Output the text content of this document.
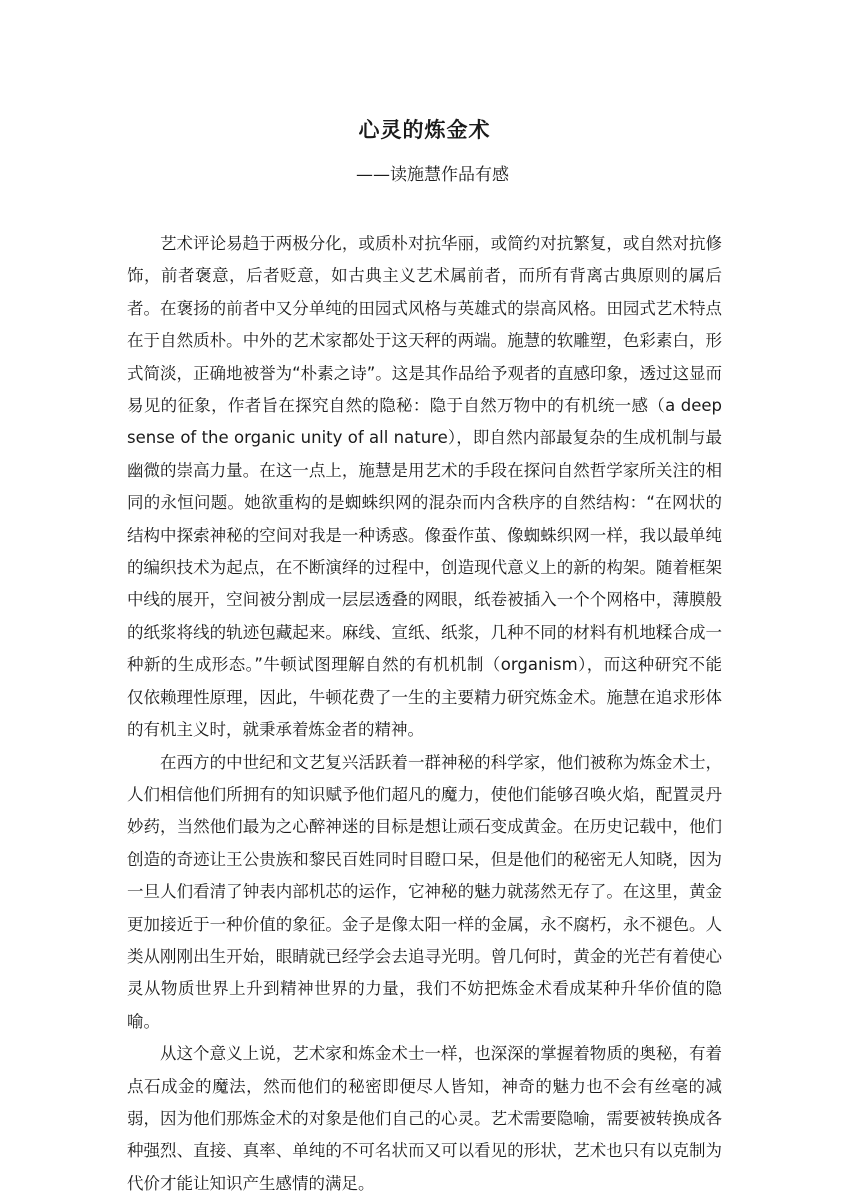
心灵的炼金术
——读施慧作品有感

艺术评论易趋于两极分化，或质朴对抗华丽，或简约对抗繁复，或自然对抗修饰，前者褒意，后者贬意，如古典主义艺术属前者，而所有背离古典原则的属后者。在褒扬的前者中又分单纯的田园式风格与英雄式的崇高风格。田园式艺术特点在于自然质朴。中外的艺术家都处于这天秤的两端。施慧的软雕塑，色彩素白，形式简淡，正确地被誉为“朴素之诗”。这是其作品给予观者的直感印象，透过这显而易见的征象，作者旨在探究自然的隐秘：隐于自然万物中的有机统一感（a deep sense of the organic unity of all nature），即自然内部最复杂的生成机制与最幽微的崇高力量。在这一点上，施慧是用艺术的手段在探问自然哲学家所关注的相同的永恒问题。她欲重构的是蜘蛛织网的混杂而内含秩序的自然结构：“在网状的结构中探索神秘的空间对我是一种诱惑。像蚕作茧、像蜘蛛织网一样，我以最单纯的编织技术为起点，在不断演绎的过程中，创造现代意义上的新的构架。随着框架中线的展开，空间被分割成一层层透叠的网眼，纸卷被插入一个个网格中，薄膜般的纸浆将线的轨迹包藏起来。麻线、宣纸、纸浆，几种不同的材料有机地糅合成一种新的生成形态。”牛顿试图理解自然的有机机制（organism），而这种研究不能仅依赖理性原理，因此，牛顿花费了一生的主要精力研究炼金术。施慧在追求形体的有机主义时，就秉承着炼金者的精神。

在西方的中世纪和文艺复兴活跃着一群神秘的科学家，他们被称为炼金术士，人们相信他们所拥有的知识赋予他们超凡的魔力，使他们能够召唤火焰，配置灵丹妙药，当然他们最为之心醉神迷的目标是想让顽石变成黄金。在历史记载中，他们创造的奇迹让王公贵族和黎民百姓同时目瞪口呆，但是他们的秘密无人知晓，因为一旦人们看清了钟表内部机芯的运作，它神秘的魅力就荡然无存了。在这里，黄金更加接近于一种价值的象征。金子是像太阳一样的金属，永不腐朽，永不褪色。人类从刚刚出生开始，眼睛就已经学会去追寻光明。曾几何时，黄金的光芒有着使心灵从物质世界上升到精神世界的力量，我们不妨把炼金术看成某种升华价值的隐喻。

从这个意义上说，艺术家和炼金术士一样，也深深的掌握着物质的奥秘，有着点石成金的魔法，然而他们的秘密即便尽人皆知，神奇的魅力也不会有丝毫的减弱，因为他们那炼金术的对象是他们自己的心灵。艺术需要隐喻，需要被转换成各种强烈、直接、真率、单纯的不可名状而又可以看见的形状，艺术也只有以克制为代价才能让知识产生感情的满足。
